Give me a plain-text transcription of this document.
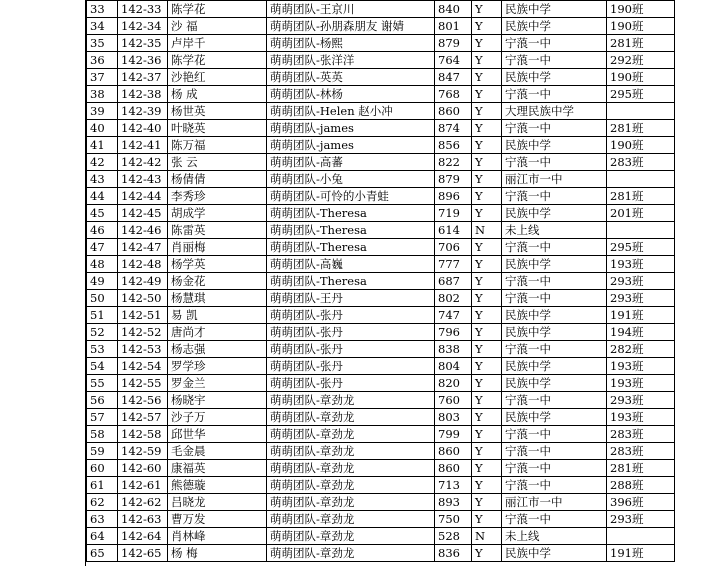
33	142-33	陈学花	萌萌团队-王京川	840	Y	民族中学	190班
34	142-34	沙 福	萌萌团队-孙朋森朋友 谢婧	801	Y	民族中学	190班
35	142-35	卢岸千	萌萌团队-杨熙	879	Y	宁蒗一中	281班
36	142-36	陈学花	萌萌团队-张洋洋	764	Y	宁蒗一中	292班
37	142-37	沙艳红	萌萌团队-英英	847	Y	民族中学	190班
38	142-38	杨 成	萌萌团队-林杨	768	Y	宁蒗一中	295班
39	142-39	杨世英	萌萌团队-Helen 赵小冲	860	Y	大理民族中学	
40	142-40	叶晓英	萌萌团队-james	874	Y	宁蒗一中	281班
41	142-41	陈万福	萌萌团队-james	856	Y	民族中学	190班
42	142-42	张 云	萌萌团队-高蕃	822	Y	宁蒗一中	283班
43	142-43	杨倩倩	萌萌团队-小兔	879	Y	丽江市一中	
44	142-44	李秀珍	萌萌团队-可怜的小青蛙	896	Y	宁蒗一中	281班
45	142-45	胡成学	萌萌团队-Theresa	719	Y	民族中学	201班
46	142-46	陈雷英	萌萌团队-Theresa	614	N	未上线	
47	142-47	肖丽梅	萌萌团队-Theresa	706	Y	宁蒗一中	295班
48	142-48	杨学英	萌萌团队-高巍	777	Y	民族中学	193班
49	142-49	杨金花	萌萌团队-Theresa	687	Y	宁蒗一中	293班
50	142-50	杨慧琪	萌萌团队-王丹	802	Y	宁蒗一中	293班
51	142-51	易 凯	萌萌团队-张丹	747	Y	民族中学	191班
52	142-52	唐尚才	萌萌团队-张丹	796	Y	民族中学	194班
53	142-53	杨志强	萌萌团队-张丹	838	Y	宁蒗一中	282班
54	142-54	罗学珍	萌萌团队-张丹	804	Y	民族中学	193班
55	142-55	罗金兰	萌萌团队-张丹	820	Y	民族中学	193班
56	142-56	杨晓宇	萌萌团队-章劲龙	760	Y	宁蒗一中	293班
57	142-57	沙子万	萌萌团队-章劲龙	803	Y	民族中学	193班
58	142-58	邱世华	萌萌团队-章劲龙	799	Y	宁蒗一中	283班
59	142-59	毛金晨	萌萌团队-章劲龙	860	Y	宁蒗一中	283班
60	142-60	康福英	萌萌团队-章劲龙	860	Y	宁蒗一中	281班
61	142-61	熊德璇	萌萌团队-章劲龙	713	Y	宁蒗一中	288班
62	142-62	吕晓龙	萌萌团队-章劲龙	893	Y	丽江市一中	396班
63	142-63	曹万发	萌萌团队-章劲龙	750	Y	宁蒗一中	293班
64	142-64	肖林峰	萌萌团队-章劲龙	528	N	未上线	
65	142-65	杨 梅	萌萌团队-章劲龙	836	Y	民族中学	191班
